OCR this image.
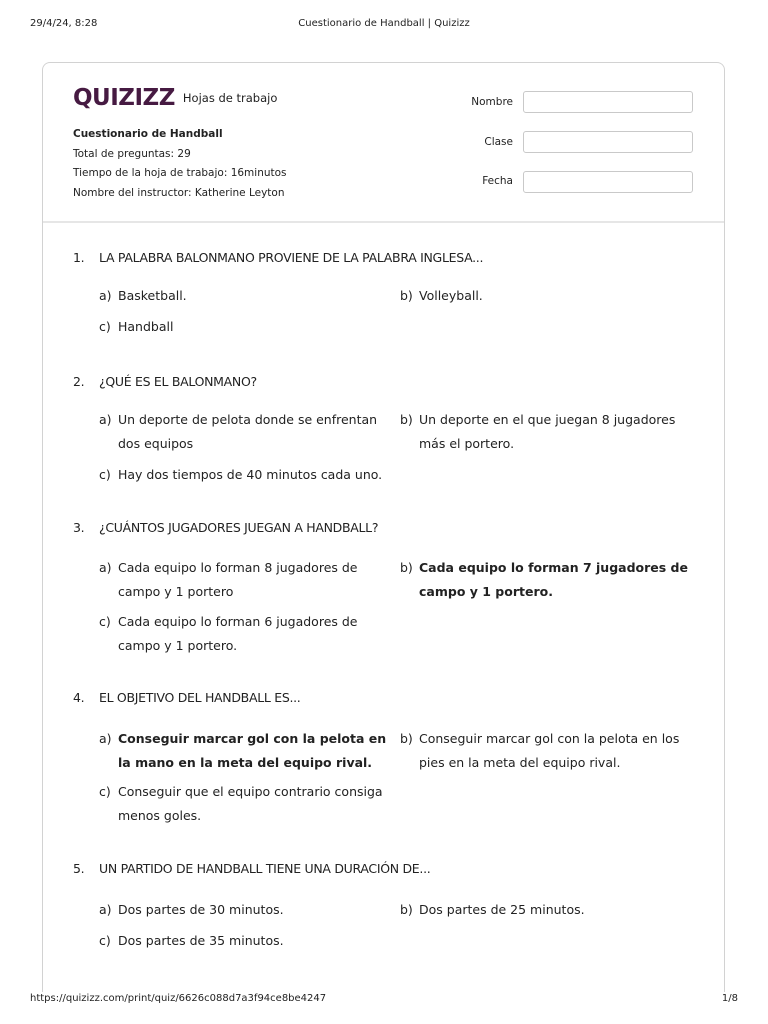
29/4/24, 8:28	Cuestionario de Handball | Quizizz
QUIZIZZ Hojas de trabajo
Cuestionario de Handball
Total de preguntas: 29
Tiempo de la hoja de trabajo: 16minutos
Nombre del instructor: Katherine Leyton
Nombre
Clase
Fecha
1. LA PALABRA BALONMANO PROVIENE DE LA PALABRA INGLESA...
a) Basketball.	b) Volleyball.
c) Handball
2. ¿QUÉ ES EL BALONMANO?
a) Un deporte de pelota donde se enfrentan dos equipos
b) Un deporte en el que juegan 8 jugadores más el portero.
c) Hay dos tiempos de 40 minutos cada uno.
3. ¿CUÁNTOS JUGADORES JUEGAN A HANDBALL?
a) Cada equipo lo forman 8 jugadores de campo y 1 portero
b) Cada equipo lo forman 7 jugadores de campo y 1 portero.
c) Cada equipo lo forman 6 jugadores de campo y 1 portero.
4. EL OBJETIVO DEL HANDBALL ES...
a) Conseguir marcar gol con la pelota en la mano en la meta del equipo rival.
b) Conseguir marcar gol con la pelota en los pies en la meta del equipo rival.
c) Conseguir que el equipo contrario consiga menos goles.
5. UN PARTIDO DE HANDBALL TIENE UNA DURACIÓN DE...
a) Dos partes de 30 minutos.	b) Dos partes de 25 minutos.
c) Dos partes de 35 minutos.
https://quizizz.com/print/quiz/6626c088d7a3f94ce8be4247	1/8
